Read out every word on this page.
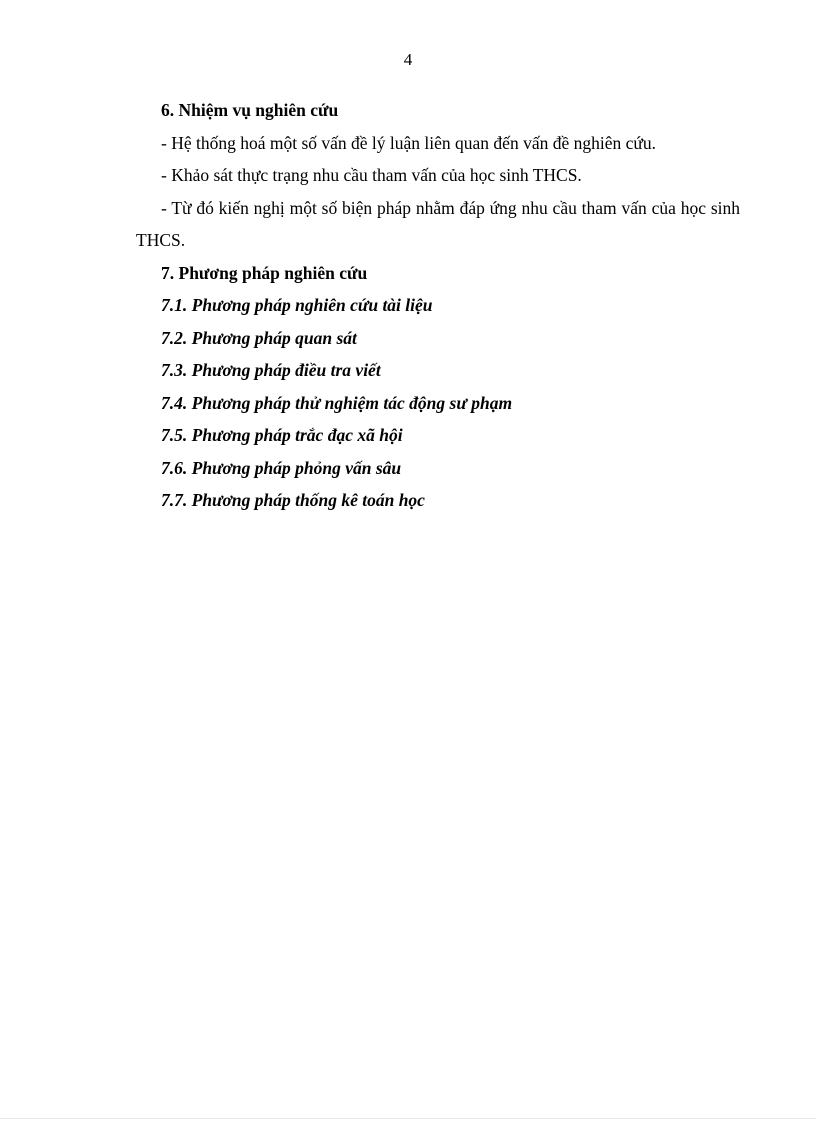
4
6. Nhiệm vụ nghiên cứu
- Hệ thống hoá một số vấn đề lý luận liên quan đến vấn đề nghiên cứu.
- Khảo sát thực trạng nhu cầu tham vấn của học sinh THCS.
- Từ đó kiến nghị một số biện pháp nhằm đáp ứng nhu cầu tham vấn của học sinh THCS.
7. Phương pháp nghiên cứu
7.1. Phương pháp nghiên cứu tài liệu
7.2. Phương pháp quan sát
7.3. Phương pháp điều tra viết
7.4. Phương pháp thử nghiệm tác động sư phạm
7.5. Phương pháp trắc đạc xã hội
7.6. Phương pháp phỏng vấn sâu
7.7. Phương pháp thống kê toán học
